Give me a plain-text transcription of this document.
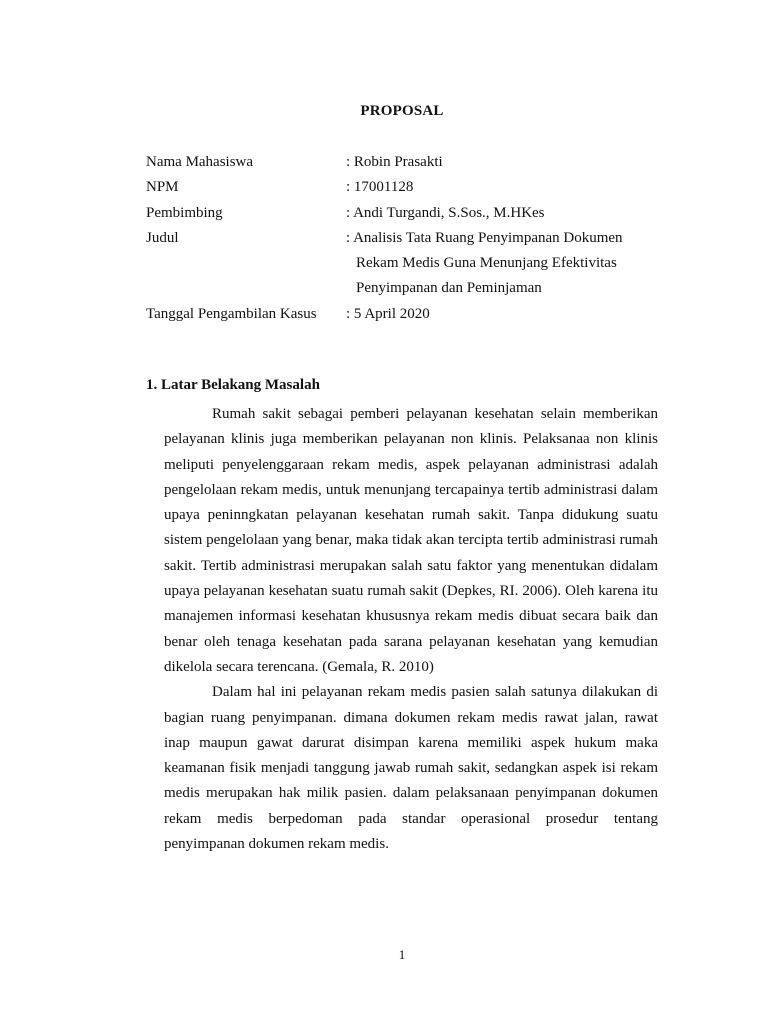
PROPOSAL
Nama Mahasiswa	: Robin Prasakti
NPM	: 17001128
Pembimbing	: Andi Turgandi, S.Sos., M.HKes
Judul	: Analisis Tata Ruang Penyimpanan Dokumen
Rekam Medis Guna Menunjang Efektivitas
Penyimpanan dan Peminjaman
Tanggal Pengambilan Kasus	: 5 April 2020
1. Latar Belakang Masalah

Rumah sakit sebagai pemberi pelayanan kesehatan selain memberikan pelayanan klinis juga memberikan pelayanan non klinis. Pelaksanaa non klinis meliputi penyelenggaraan rekam medis, aspek pelayanan administrasi adalah pengelolaan rekam medis, untuk menunjang tercapainya tertib administrasi dalam upaya peninngkatan pelayanan kesehatan rumah sakit. Tanpa didukung suatu sistem pengelolaan yang benar, maka tidak akan tercipta tertib administrasi rumah sakit. Tertib administrasi merupakan salah satu faktor yang menentukan didalam upaya pelayanan kesehatan suatu rumah sakit (Depkes, RI. 2006). Oleh karena itu manajemen informasi kesehatan khususnya rekam medis dibuat secara baik dan benar oleh tenaga kesehatan pada sarana pelayanan kesehatan yang kemudian dikelola secara terencana. (Gemala, R. 2010)

Dalam hal ini pelayanan rekam medis pasien salah satunya dilakukan di bagian ruang penyimpanan. dimana dokumen rekam medis rawat jalan, rawat inap maupun gawat darurat disimpan karena memiliki aspek hukum maka keamanan fisik menjadi tanggung jawab rumah sakit, sedangkan aspek isi rekam medis merupakan hak milik pasien. dalam pelaksanaan penyimpanan dokumen rekam medis berpedoman pada standar operasional prosedur tentang penyimpanan dokumen rekam medis.

1
